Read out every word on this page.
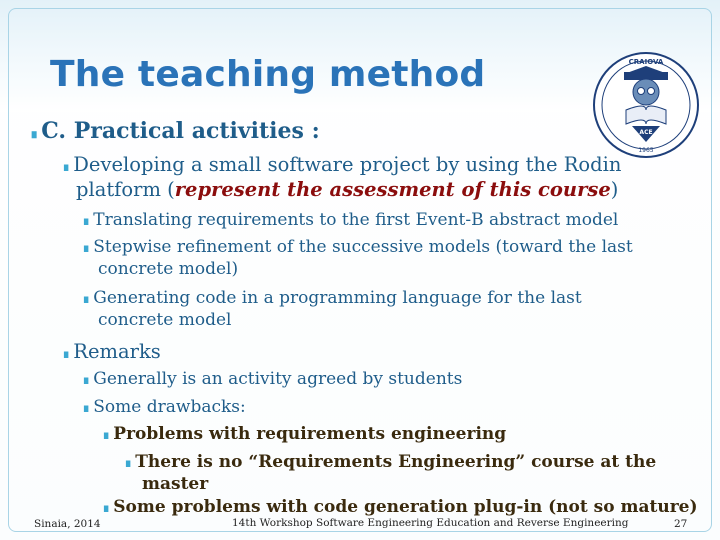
The teaching method	CRAIOVA
ACE
1965
∎ C. Practical activities :
∎ Developing a small software project by using the Rodin
platform (represent the assessment of this course)
∎ Translating requirements to the first Event-B abstract model
∎ Stepwise refinement of the successive models (toward the last
concrete model)
∎ Generating code in a programming language for the last
concrete model
∎ Remarks
∎ Generally is an activity agreed by students
∎ Some drawbacks:
∎ Problems with requirements engineering
∎ There is no “Requirements Engineering” course at the
master
∎ Some problems with code generation plug-in (not so mature)
Sinaia, 2014	14th Workshop Software Engineering Education and Reverse Engineering	27
